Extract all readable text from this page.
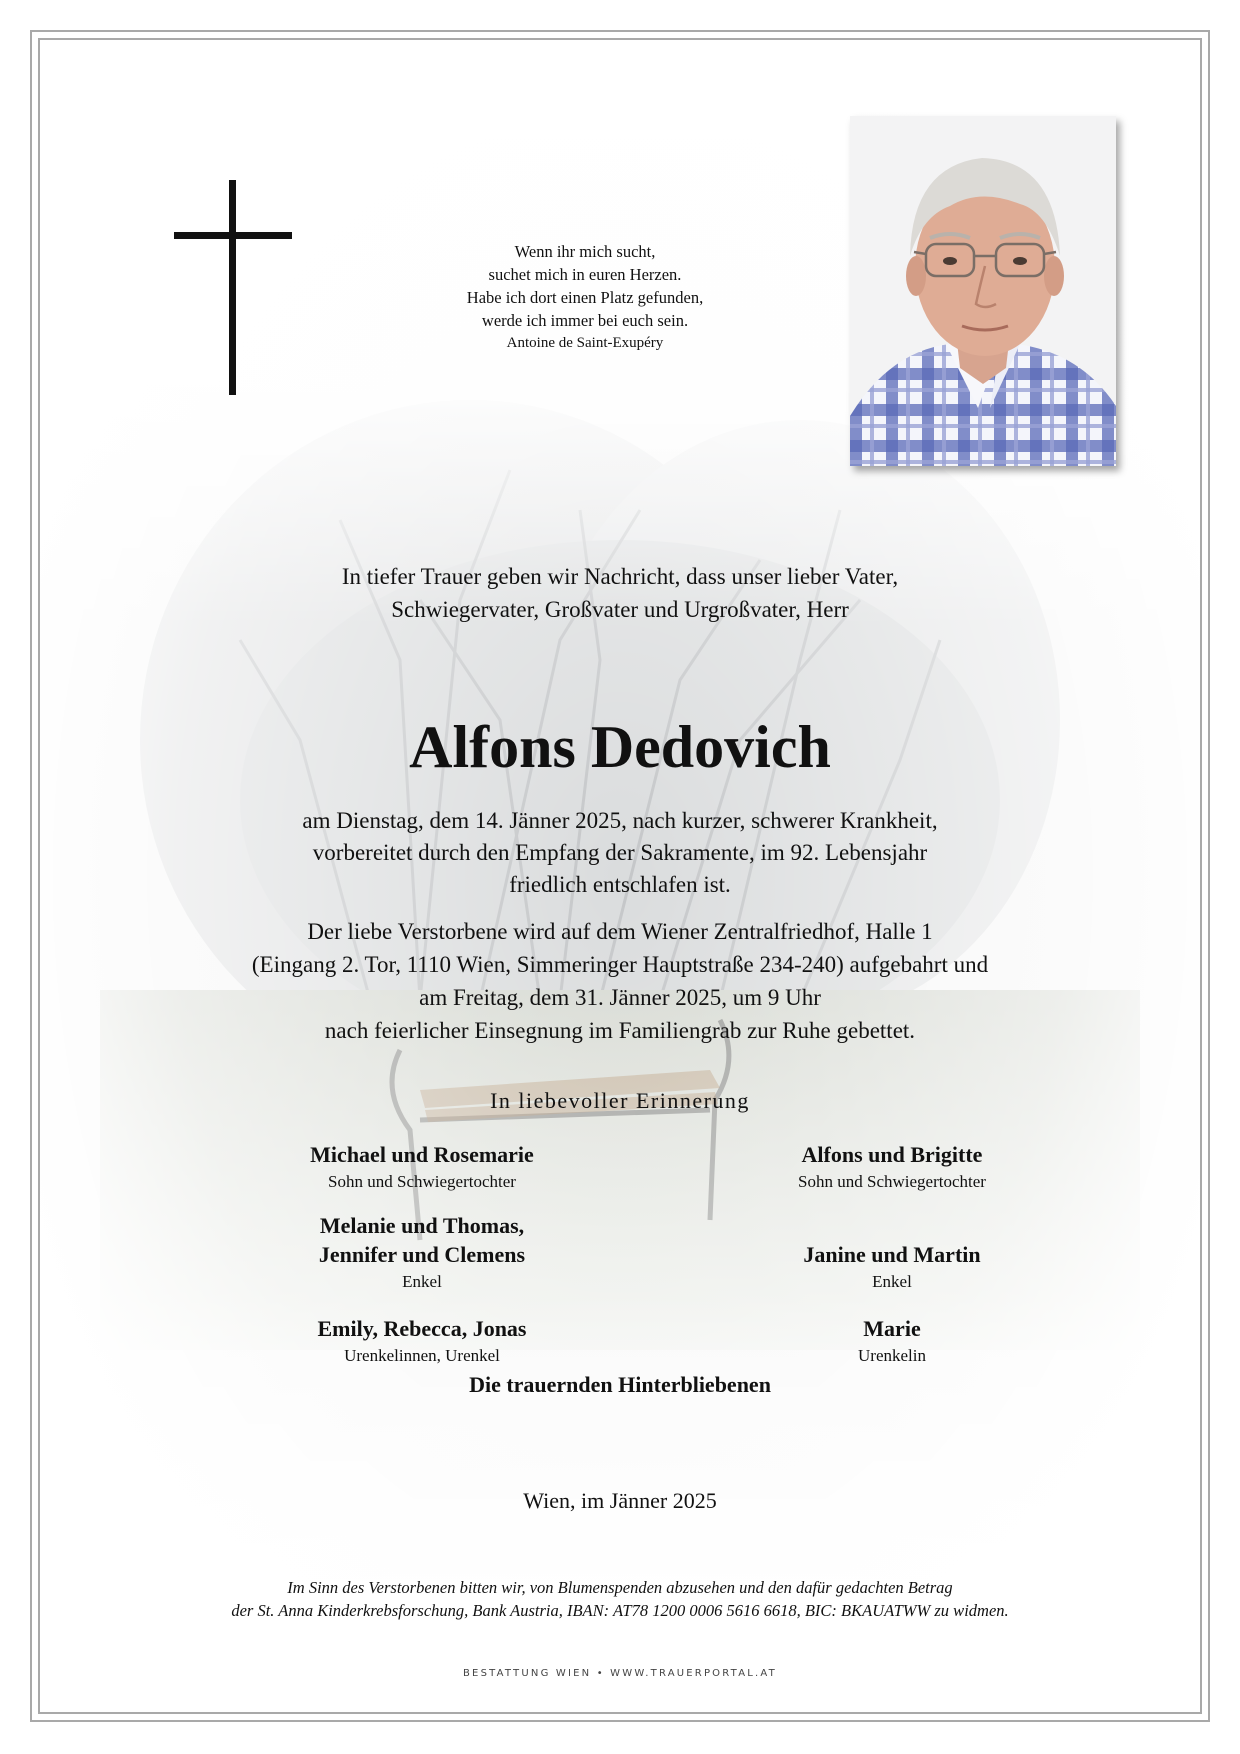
Wenn ihr mich sucht,
suchet mich in euren Herzen.
Habe ich dort einen Platz gefunden,
werde ich immer bei euch sein.
Antoine de Saint-Exupéry
In tiefer Trauer geben wir Nachricht, dass unser lieber Vater,
Schwiegervater, Großvater und Urgroßvater, Herr
Alfons Dedovich
am Dienstag, dem 14. Jänner 2025, nach kurzer, schwerer Krankheit,
vorbereitet durch den Empfang der Sakramente, im 92. Lebensjahr
friedlich entschlafen ist.
Der liebe Verstorbene wird auf dem Wiener Zentralfriedhof, Halle 1
(Eingang 2. Tor, 1110 Wien, Simmeringer Hauptstraße 234-240) aufgebahrt und
am Freitag, dem 31. Jänner 2025, um 9 Uhr
nach feierlicher Einsegnung im Familiengrab zur Ruhe gebettet.
In liebevoller Erinnerung
Michael und Rosemarie
Sohn und Schwiegertochter
Alfons und Brigitte
Sohn und Schwiegertochter
Melanie und Thomas,
Jennifer und Clemens
Enkel
Janine und Martin
Enkel
Emily, Rebecca, Jonas
Urenkelinnen, Urenkel
Marie
Urenkelin
Die trauernden Hinterbliebenen
Wien, im Jänner 2025
Im Sinn des Verstorbenen bitten wir, von Blumenspenden abzusehen und den dafür gedachten Betrag
der St. Anna Kinderkrebsforschung, Bank Austria, IBAN: AT78 1200 0006 5616 6618, BIC: BKAUATWW zu widmen.
BESTATTUNG WIEN • WWW.TRAUERPORTAL.AT
